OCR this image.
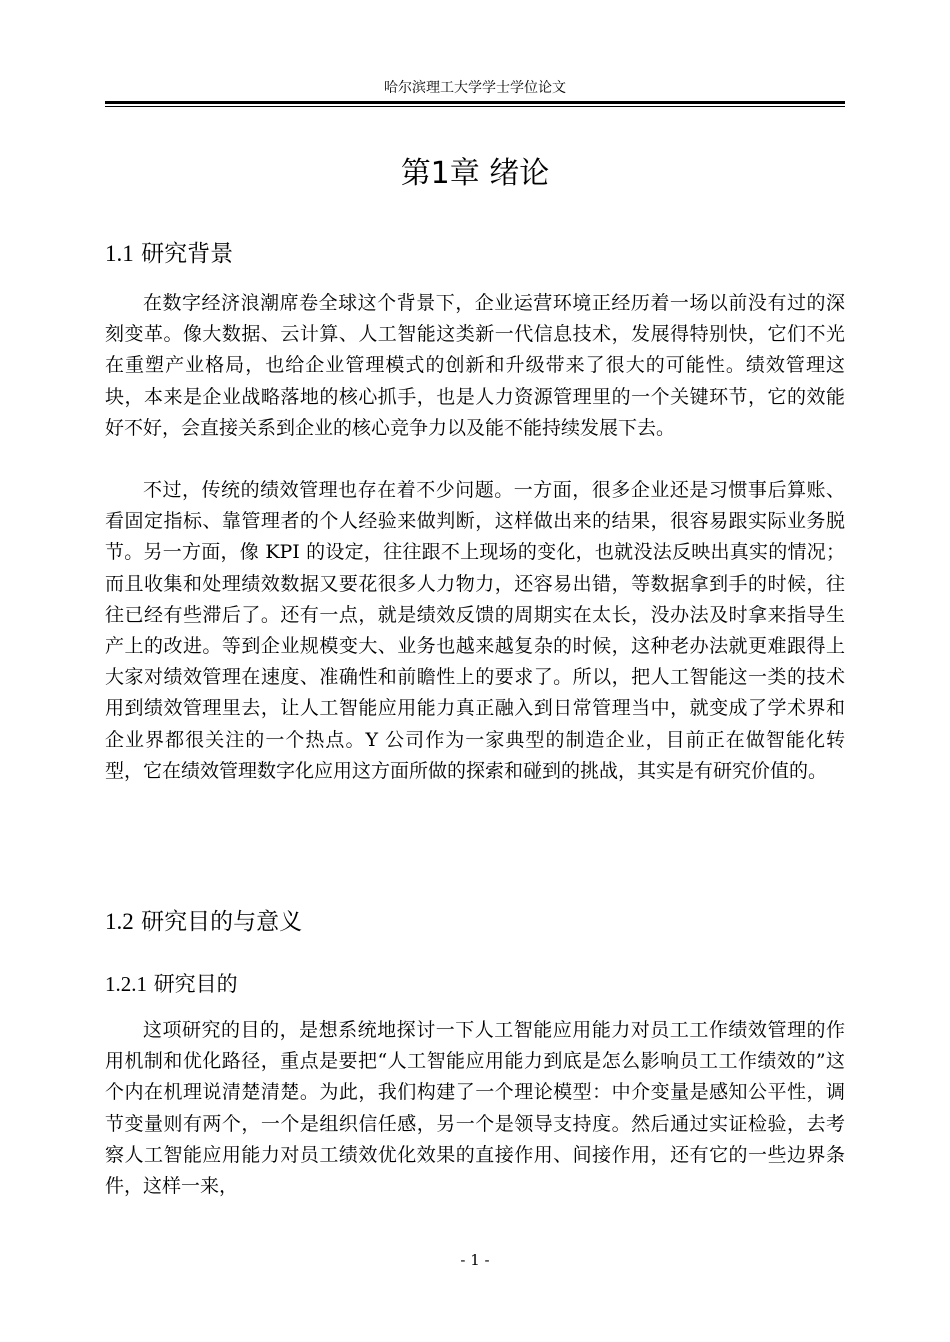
哈尔滨理工大学学士学位论文
第1章 绪论
1.1 研究背景

在数字经济浪潮席卷全球这个背景下，企业运营环境正经历着一场以前没有过的深刻变革。像大数据、云计算、人工智能这类新一代信息技术，发展得特别快，它们不光在重塑产业格局，也给企业管理模式的创新和升级带来了很大的可能性。绩效管理这块，本来是企业战略落地的核心抓手，也是人力资源管理里的一个关键环节，它的效能好不好，会直接关系到企业的核心竞争力以及能不能持续发展下去。

不过，传统的绩效管理也存在着不少问题。一方面，很多企业还是习惯事后算账、看固定指标、靠管理者的个人经验来做判断，这样做出来的结果，很容易跟实际业务脱节。另一方面，像 KPI 的设定，往往跟不上现场的变化，也就没法反映出真实的情况；而且收集和处理绩效数据又要花很多人力物力，还容易出错，等数据拿到手的时候，往往已经有些滞后了。还有一点，就是绩效反馈的周期实在太长，没办法及时拿来指导生产上的改进。等到企业规模变大、业务也越来越复杂的时候，这种老办法就更难跟得上大家对绩效管理在速度、准确性和前瞻性上的要求了。所以，把人工智能这一类的技术用到绩效管理里去，让人工智能应用能力真正融入到日常管理当中，就变成了学术界和企业界都很关注的一个热点。Y 公司作为一家典型的制造企业，目前正在做智能化转型，它在绩效管理数字化应用这方面所做的探索和碰到的挑战，其实是有研究价值的。

1.2 研究目的与意义
1.2.1 研究目的

这项研究的目的，是想系统地探讨一下人工智能应用能力对员工工作绩效管理的作用机制和优化路径，重点是要把“人工智能应用能力到底是怎么影响员工工作绩效的”这个内在机理说清楚清楚。为此，我们构建了一个理论模型：中介变量是感知公平性，调节变量则有两个，一个是组织信任感，另一个是领导支持度。然后通过实证检验，去考察人工智能应用能力对员工绩效优化效果的直接作用、间接作用，还有它的一些边界条件，这样一来，

- 1 -
